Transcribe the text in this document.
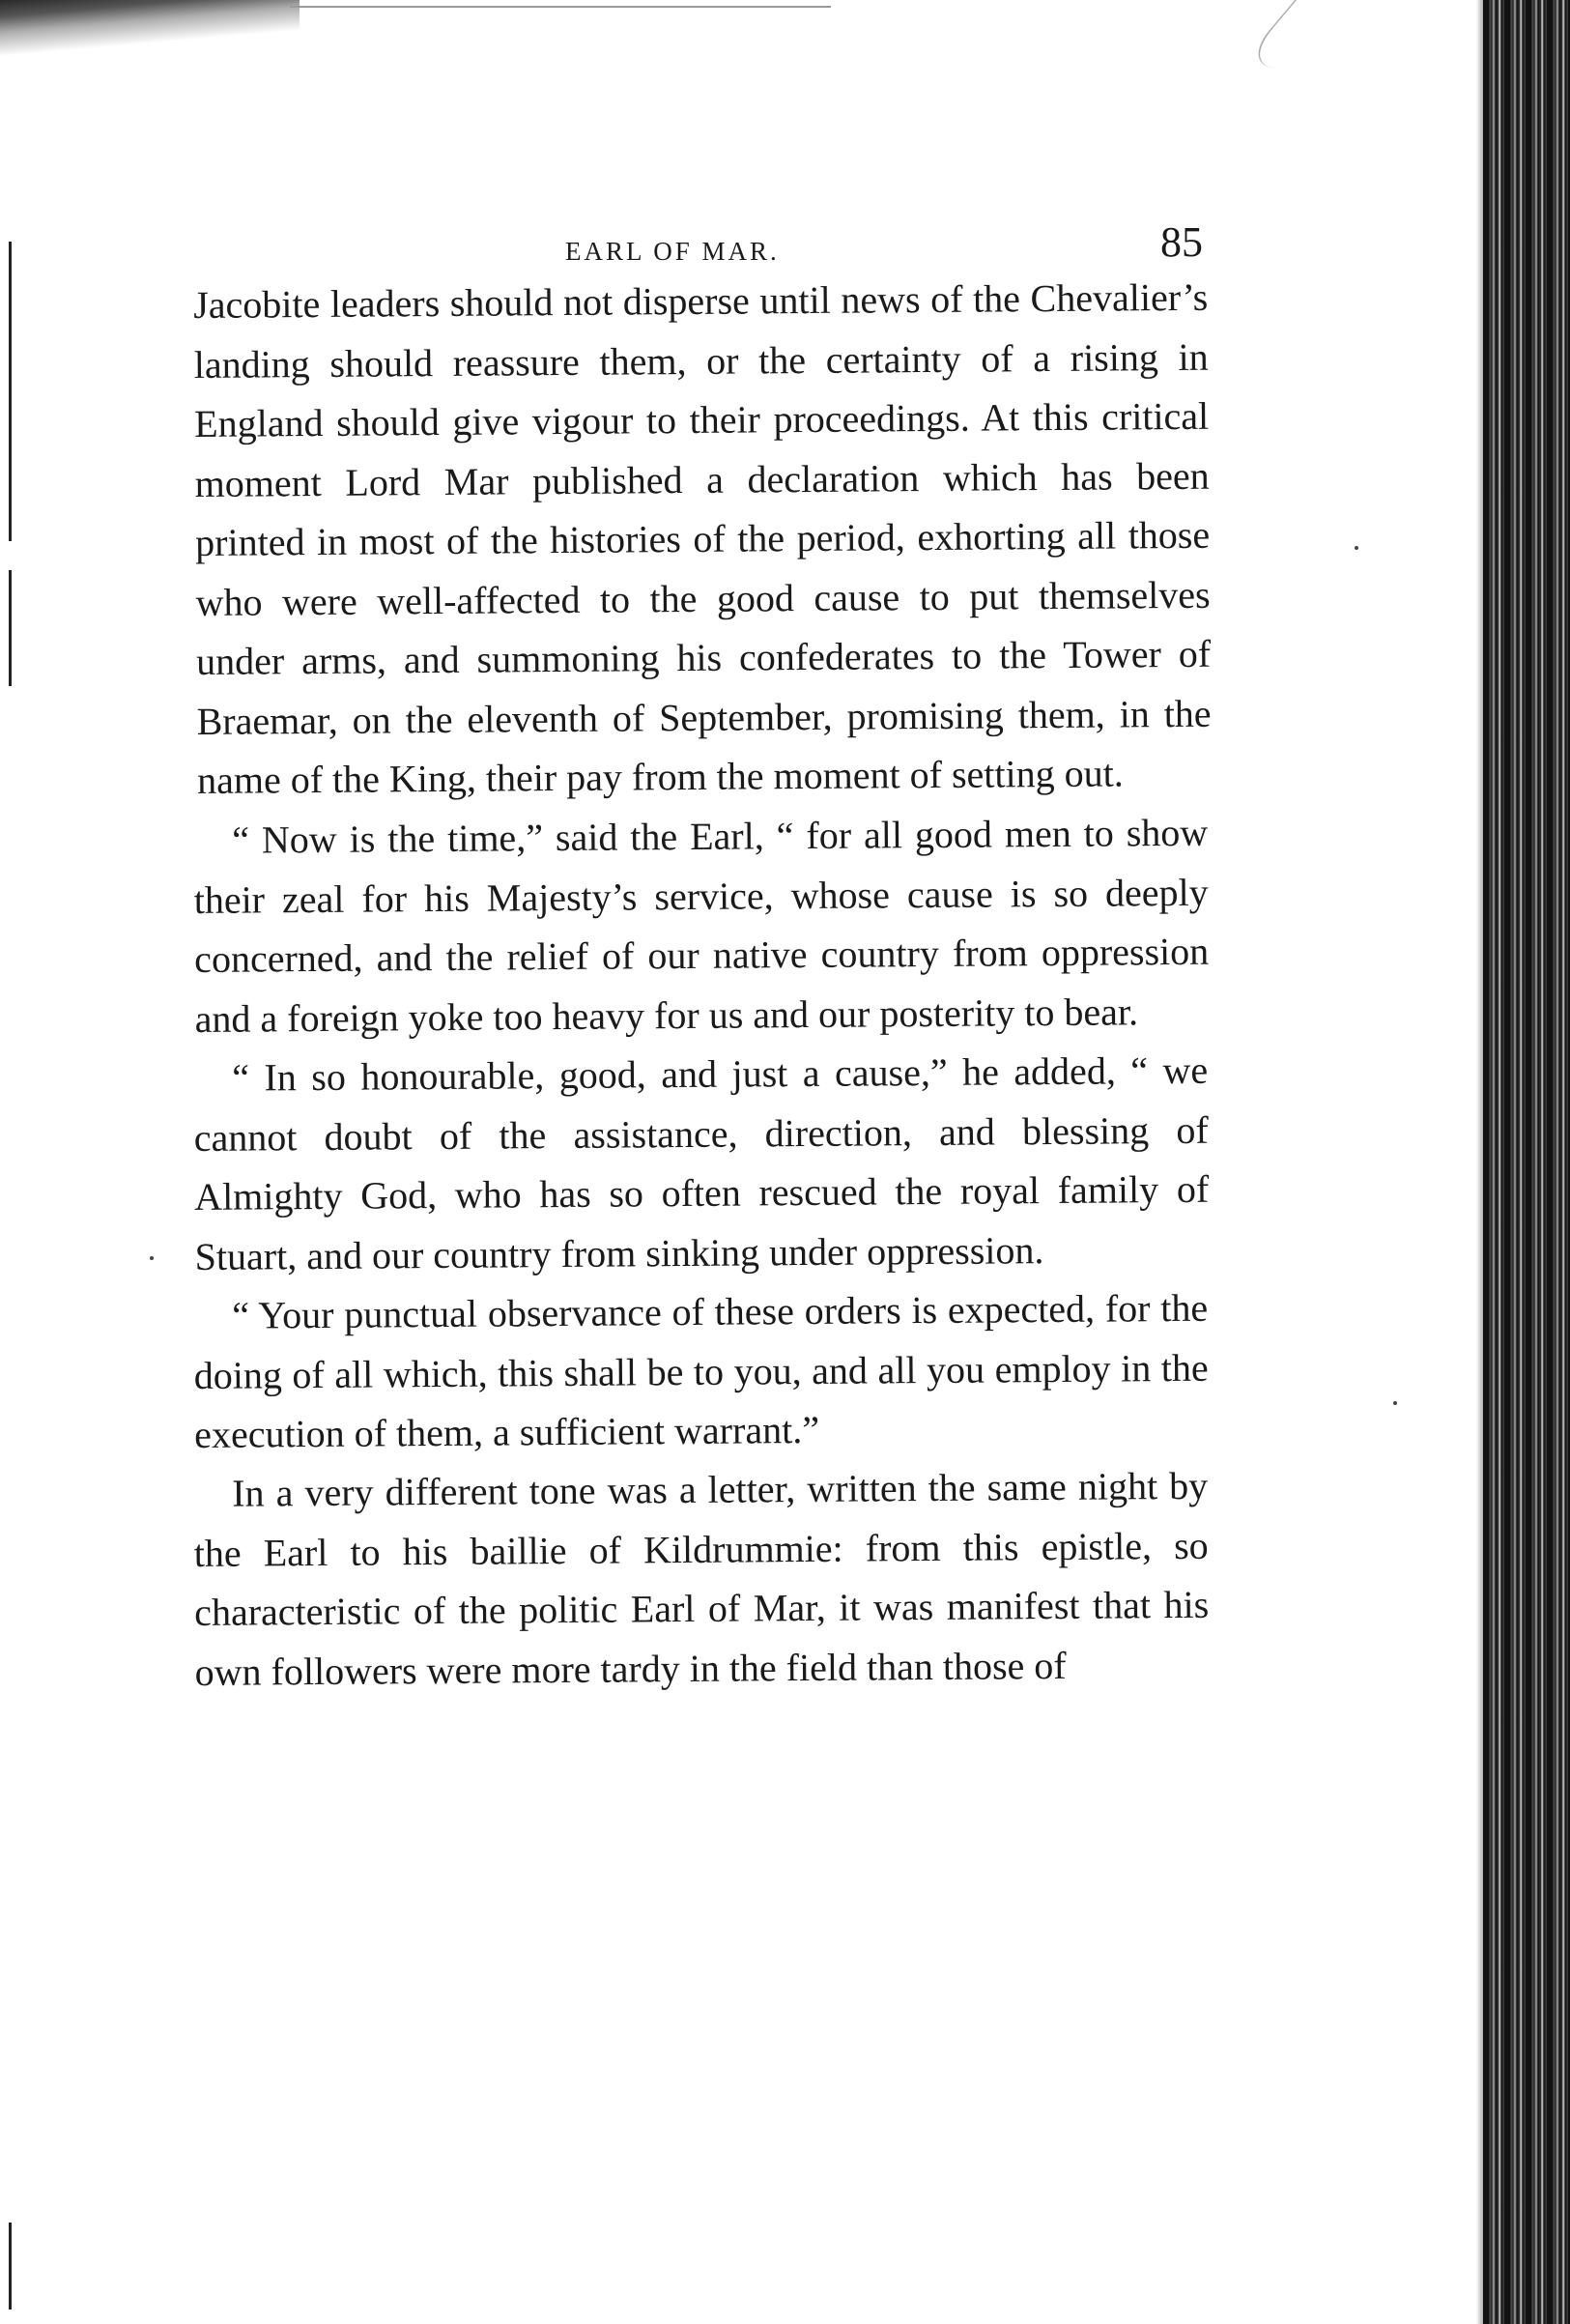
EARL OF MAR.	85

Jacobite leaders should not disperse until news of the Chevalier’s landing should reassure them, or the certainty of a rising in England should give vigour to their proceedings. At this critical moment Lord Mar published a declaration which has been printed in most of the histories of the period, exhorting all those who were well-affected to the good cause to put themselves under arms, and summoning his confederates to the Tower of Braemar, on the eleventh of September, promising them, in the name of the King, their pay from the moment of setting out.

“ Now is the time,” said the Earl, “ for all good men to show their zeal for his Majesty’s service, whose cause is so deeply concerned, and the relief of our native country from oppression and a foreign yoke too heavy for us and our posterity to bear.

“ In so honourable, good, and just a cause,” he added, “ we cannot doubt of the assistance, direction, and blessing of Almighty God, who has so often rescued the royal family of Stuart, and our country from sinking under oppression.

“ Your punctual observance of these orders is expected, for the doing of all which, this shall be to you, and all you employ in the execution of them, a sufficient warrant.”

In a very different tone was a letter, written the same night by the Earl to his baillie of Kildrummie: from this epistle, so characteristic of the politic Earl of Mar, it was manifest that his own followers were more tardy in the field than those of
